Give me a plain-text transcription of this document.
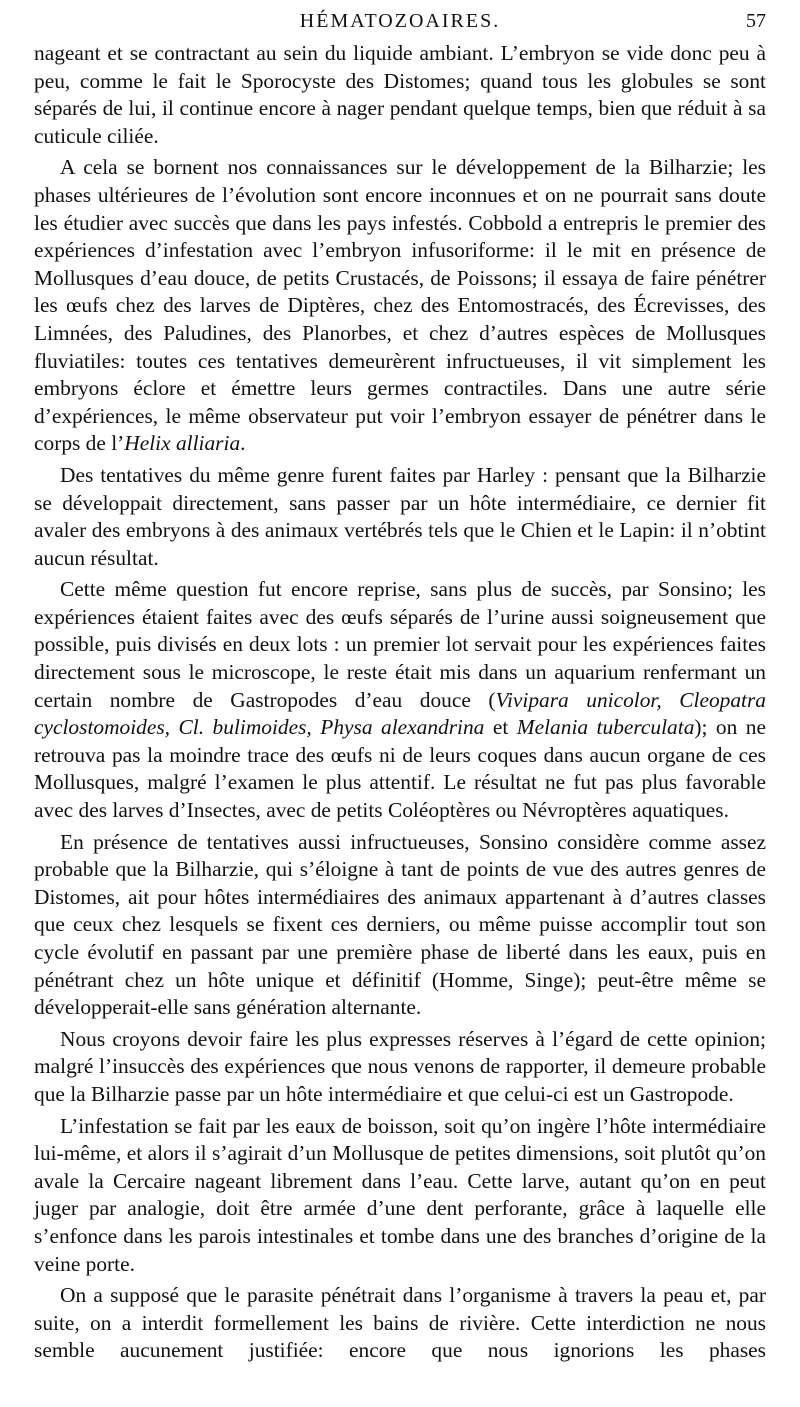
HÉMATOZOAIRES.	57

nageant et se contractant au sein du liquide ambiant. L’embryon se vide donc peu à peu, comme le fait le Sporocyste des Distomes; quand tous les globules se sont séparés de lui, il continue encore à nager pendant quelque temps, bien que réduit à sa cuticule ciliée.

A cela se bornent nos connaissances sur le développement de la Bilharzie; les phases ultérieures de l’évolution sont encore inconnues et on ne pourrait sans doute les étudier avec succès que dans les pays infestés. Cobbold a entrepris le premier des expériences d’infestation avec l’embryon infusoriforme: il le mit en présence de Mollusques d’eau douce, de petits Crustacés, de Poissons; il essaya de faire pénétrer les œufs chez des larves de Diptères, chez des Entomostracés, des Écrevisses, des Limnées, des Paludines, des Planorbes, et chez d’autres espèces de Mollusques fluviatiles: toutes ces tentatives demeurèrent infructueuses, il vit simplement les embryons éclore et émettre leurs germes contractiles. Dans une autre série d’expériences, le même observateur put voir l’embryon essayer de pénétrer dans le corps de l’Helix alliaria.

Des tentatives du même genre furent faites par Harley : pensant que la Bilharzie se développait directement, sans passer par un hôte intermédiaire, ce dernier fit avaler des embryons à des animaux vertébrés tels que le Chien et le Lapin: il n’obtint aucun résultat.

Cette même question fut encore reprise, sans plus de succès, par Sonsino; les expériences étaient faites avec des œufs séparés de l’urine aussi soigneusement que possible, puis divisés en deux lots : un premier lot servait pour les expériences faites directement sous le microscope, le reste était mis dans un aquarium renfermant un certain nombre de Gastropodes d’eau douce (Vivipara unicolor, Cleopatra cyclostomoides, Cl. bulimoides, Physa alexandrina et Melania tuberculata); on ne retrouva pas la moindre trace des œufs ni de leurs coques dans aucun organe de ces Mollusques, malgré l’examen le plus attentif. Le résultat ne fut pas plus favorable avec des larves d’Insectes, avec de petits Coléoptères ou Névroptères aquatiques.

En présence de tentatives aussi infructueuses, Sonsino considère comme assez probable que la Bilharzie, qui s’éloigne à tant de points de vue des autres genres de Distomes, ait pour hôtes intermédiaires des animaux appartenant à d’autres classes que ceux chez lesquels se fixent ces derniers, ou même puisse accomplir tout son cycle évolutif en passant par une première phase de liberté dans les eaux, puis en pénétrant chez un hôte unique et définitif (Homme, Singe); peut-être même se développerait-elle sans génération alternante.

Nous croyons devoir faire les plus expresses réserves à l’égard de cette opinion; malgré l’insuccès des expériences que nous venons de rapporter, il demeure probable que la Bilharzie passe par un hôte intermédiaire et que celui-ci est un Gastropode.

L’infestation se fait par les eaux de boisson, soit qu’on ingère l’hôte intermédiaire lui-même, et alors il s’agirait d’un Mollusque de petites dimensions, soit plutôt qu’on avale la Cercaire nageant librement dans l’eau. Cette larve, autant qu’on en peut juger par analogie, doit être armée d’une dent perforante, grâce à laquelle elle s’enfonce dans les parois intestinales et tombe dans une des branches d’origine de la veine porte.

On a supposé que le parasite pénétrait dans l’organisme à travers la peau et, par suite, on a interdit formellement les bains de rivière. Cette interdiction ne nous semble aucunement justifiée: encore que nous ignorions les phases
